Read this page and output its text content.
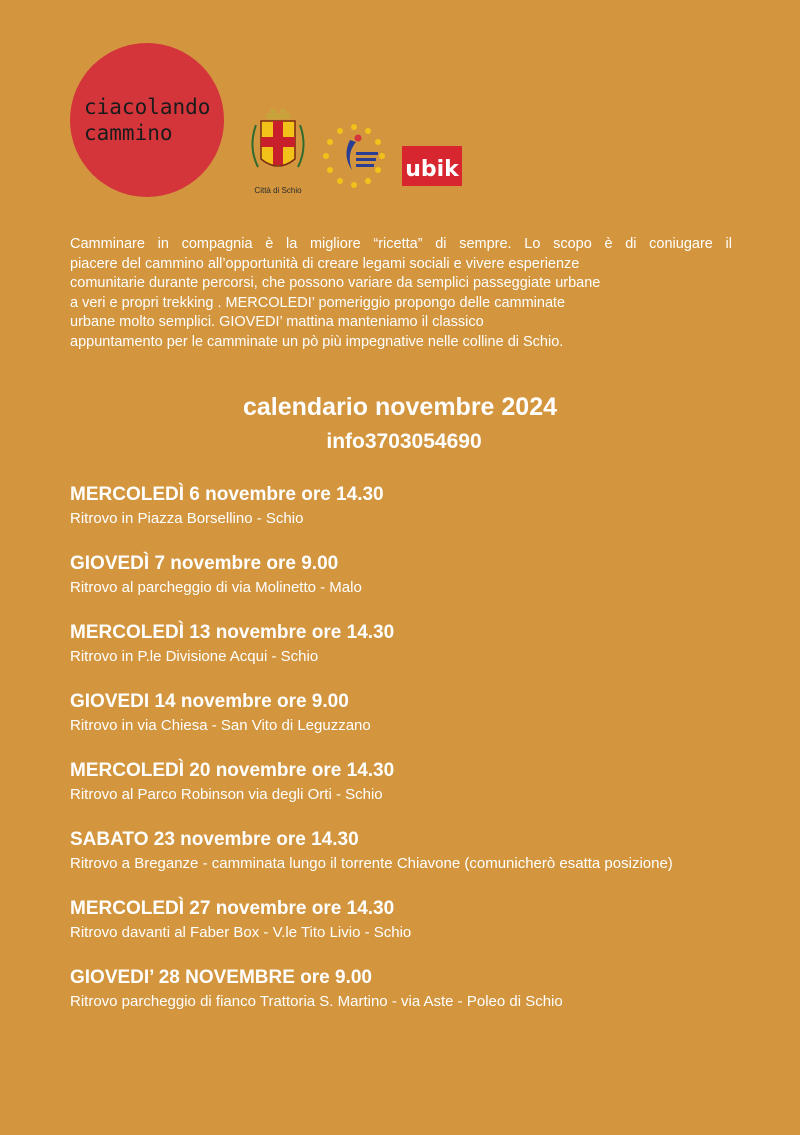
ciacolando
cammino
Città di Schio
ubik

Camminare in compagnia è la migliore “ricetta” di sempre. Lo scopo è di coniugare il
piacere del cammino all’opportunità di creare legami sociali e vivere esperienze
comunitarie durante percorsi, che possono variare da semplici passeggiate urbane
a veri e propri trekking . MERCOLEDI’ pomeriggio propongo delle camminate
urbane molto semplici. GIOVEDI’ mattina manteniamo il classico
appuntamento per le camminate un pò più impegnative nelle colline di Schio.

calendario novembre 2024
info3703054690
MERCOLEDÌ 6 novembre ore 14.30
Ritrovo in Piazza Borsellino - Schio
GIOVEDÌ 7 novembre ore 9.00
Ritrovo al parcheggio di via Molinetto - Malo
MERCOLEDÌ 13 novembre ore 14.30
Ritrovo in P.le Divisione Acqui - Schio
GIOVEDI 14 novembre ore 9.00
Ritrovo in via Chiesa - San Vito di Leguzzano
MERCOLEDÌ 20 novembre ore 14.30
Ritrovo al Parco Robinson via degli Orti - Schio
SABATO 23 novembre ore 14.30
Ritrovo a Breganze - camminata lungo il torrente Chiavone (comunicherò esatta posizione)
MERCOLEDÌ 27 novembre ore 14.30
Ritrovo davanti al Faber Box - V.le Tito Livio - Schio
GIOVEDI’ 28 NOVEMBRE ore 9.00
Ritrovo parcheggio di fianco Trattoria S. Martino - via Aste - Poleo di Schio
